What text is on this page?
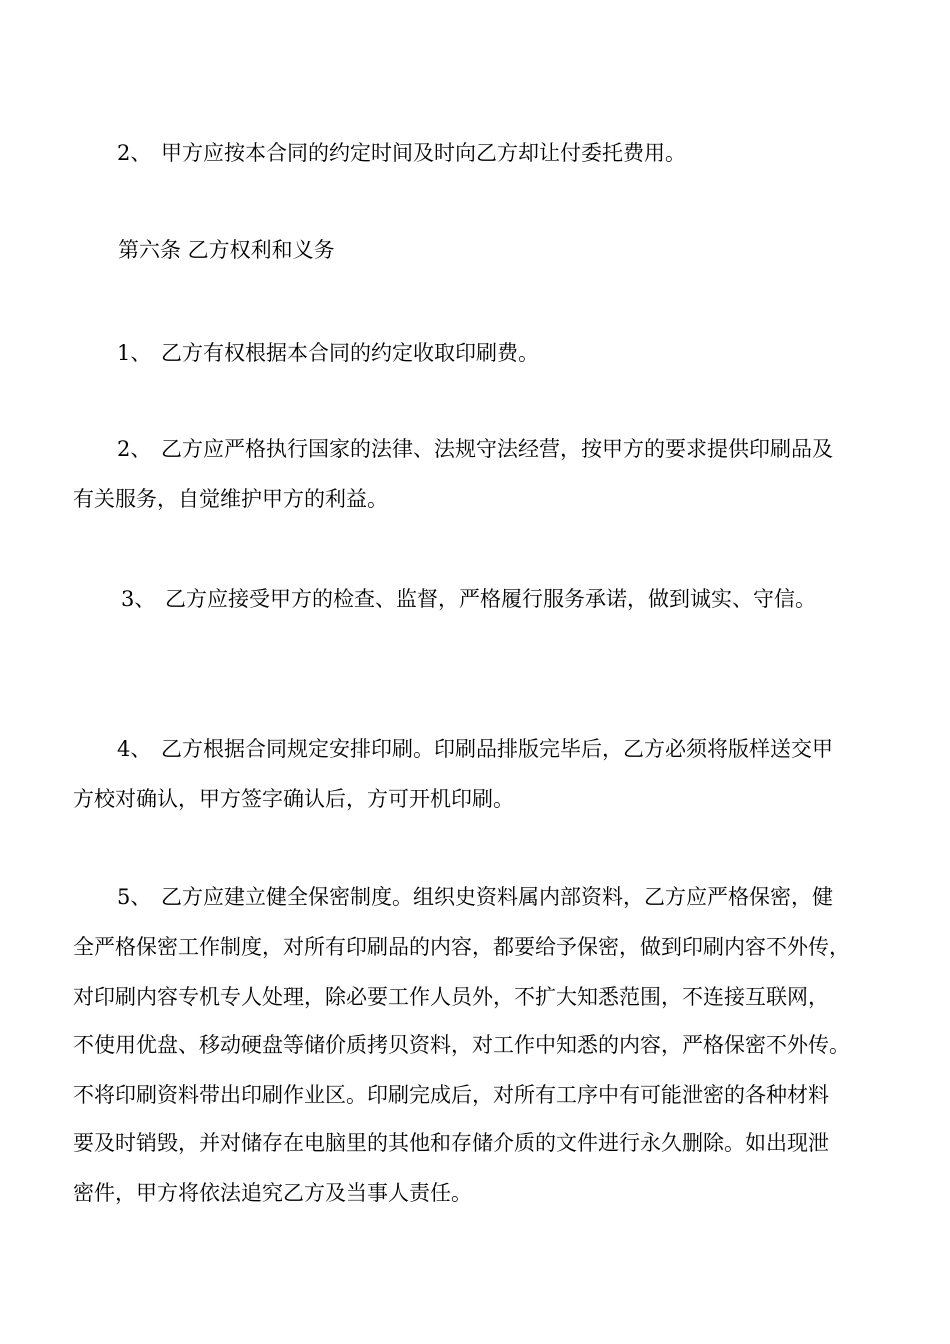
2、 甲方应按本合同的约定时间及时向乙方却让付委托费用。
第六条 乙方权利和义务
1、 乙方有权根据本合同的约定收取印刷费。
2、 乙方应严格执行国家的法律、法规守法经营，按甲方的要求提供印刷品及
有关服务，自觉维护甲方的利益。
3、 乙方应接受甲方的检查、监督，严格履行服务承诺，做到诚实、守信。
4、 乙方根据合同规定安排印刷。印刷品排版完毕后，乙方必须将版样送交甲
方校对确认，甲方签字确认后，方可开机印刷。
5、 乙方应建立健全保密制度。组织史资料属内部资料，乙方应严格保密，健
全严格保密工作制度，对所有印刷品的内容，都要给予保密，做到印刷内容不外传，
对印刷内容专机专人处理，除必要工作人员外，不扩大知悉范围，不连接互联网，
不使用优盘、移动硬盘等储价质拷贝资料，对工作中知悉的内容，严格保密不外传。
不将印刷资料带出印刷作业区。印刷完成后，对所有工序中有可能泄密的各种材料
要及时销毁，并对储存在电脑里的其他和存储介质的文件进行永久删除。如出现泄
密件，甲方将依法追究乙方及当事人责任。
